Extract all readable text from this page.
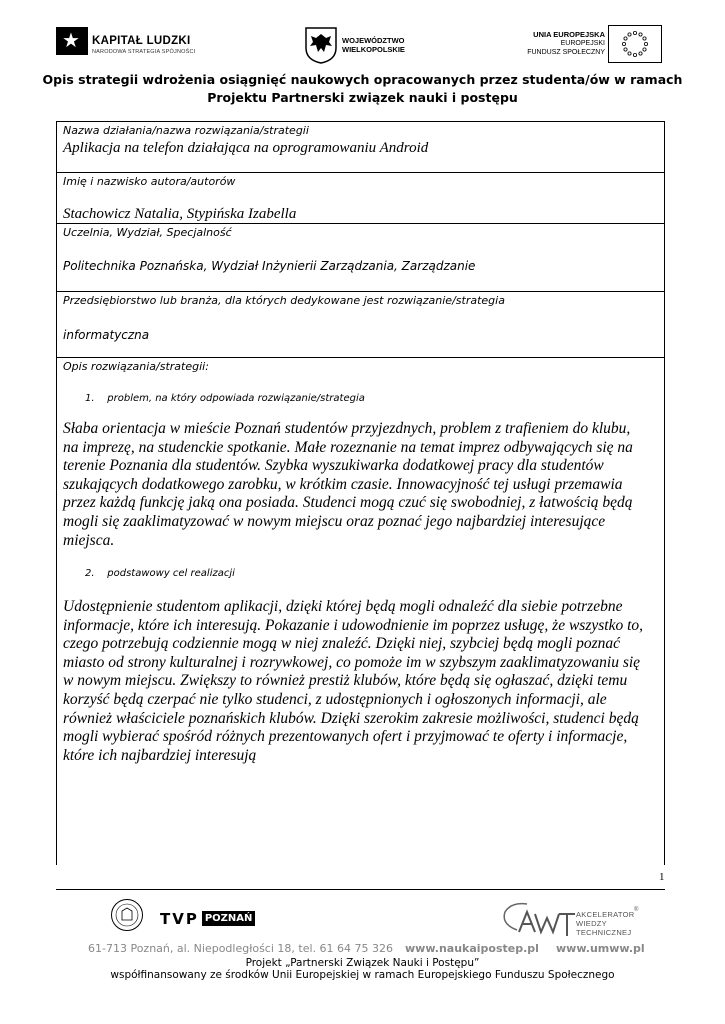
★ KAPITAŁ LUDZKI
NARODOWA STRATEGIA SPÓJNOŚCI
WOJEWÓDZTWO
WIELKOPOLSKIE
UNIA EUROPEJSKA
EUROPEJSKI
FUNDUSZ SPOŁECZNY
Opis strategii wdrożenia osiągnięć naukowych opracowanych przez studenta/ów w ramach
Projektu Partnerski związek nauki i postępu
Nazwa działania/nazwa rozwiązania/strategii
Aplikacja na telefon działająca na oprogramowaniu Android
Imię i nazwisko autora/autorów
Stachowicz Natalia, Stypińska Izabella
Uczelnia, Wydział, Specjalność
Politechnika Poznańska, Wydział Inżynierii Zarządzania, Zarządzanie
Przedsiębiorstwo lub branża, dla których dedykowane jest rozwiązanie/strategia
informatyczna
Opis rozwiązania/strategii:
1. problem, na który odpowiada rozwiązanie/strategia
Słaba orientacja w mieście Poznań studentów przyjezdnych, problem z trafieniem do klubu,
na imprezę, na studenckie spotkanie. Małe rozeznanie na temat imprez odbywających się na
terenie Poznania dla studentów. Szybka wyszukiwarka dodatkowej pracy dla studentów
szukających dodatkowego zarobku, w krótkim czasie. Innowacyjność tej usługi przemawia
przez każdą funkcję jaką ona posiada. Studenci mogą czuć się swobodniej, z łatwością będą
mogli się zaaklimatyzować w nowym miejscu oraz poznać jego najbardziej interesujące
miejsca.
2. podstawowy cel realizacji
Udostępnienie studentom aplikacji, dzięki której będą mogli odnaleźć dla siebie potrzebne
informacje, które ich interesują. Pokazanie i udowodnienie im poprzez usługę, że wszystko to,
czego potrzebują codziennie mogą w niej znaleźć. Dzięki niej, szybciej będą mogli poznać
miasto od strony kulturalnej i rozrywkowej, co pomoże im w szybszym zaaklimatyzowaniu się
w nowym miejscu. Zwiększy to również prestiż klubów, które będą się ogłaszać, dzięki temu
korzyść będą czerpać nie tylko studenci, z udostępnionych i ogłoszonych informacji, ale
również właściciele poznańskich klubów. Dzięki szerokim zakresie możliwości, studenci będą
mogli wybierać spośród różnych prezentowanych ofert i przyjmować te oferty i informacje,
które ich najbardziej interesują
1
TVP POZNAŃ
®
AKCELERATOR
WIEDZY
TECHNICZNEJ
61-713 Poznań, al. Niepodległości 18, tel. 61 64 75 326 www.naukaipostep.pl www.umww.pl
Projekt „Partnerski Związek Nauki i Postępu”
współfinansowany ze środków Unii Europejskiej w ramach Europejskiego Funduszu Społecznego
